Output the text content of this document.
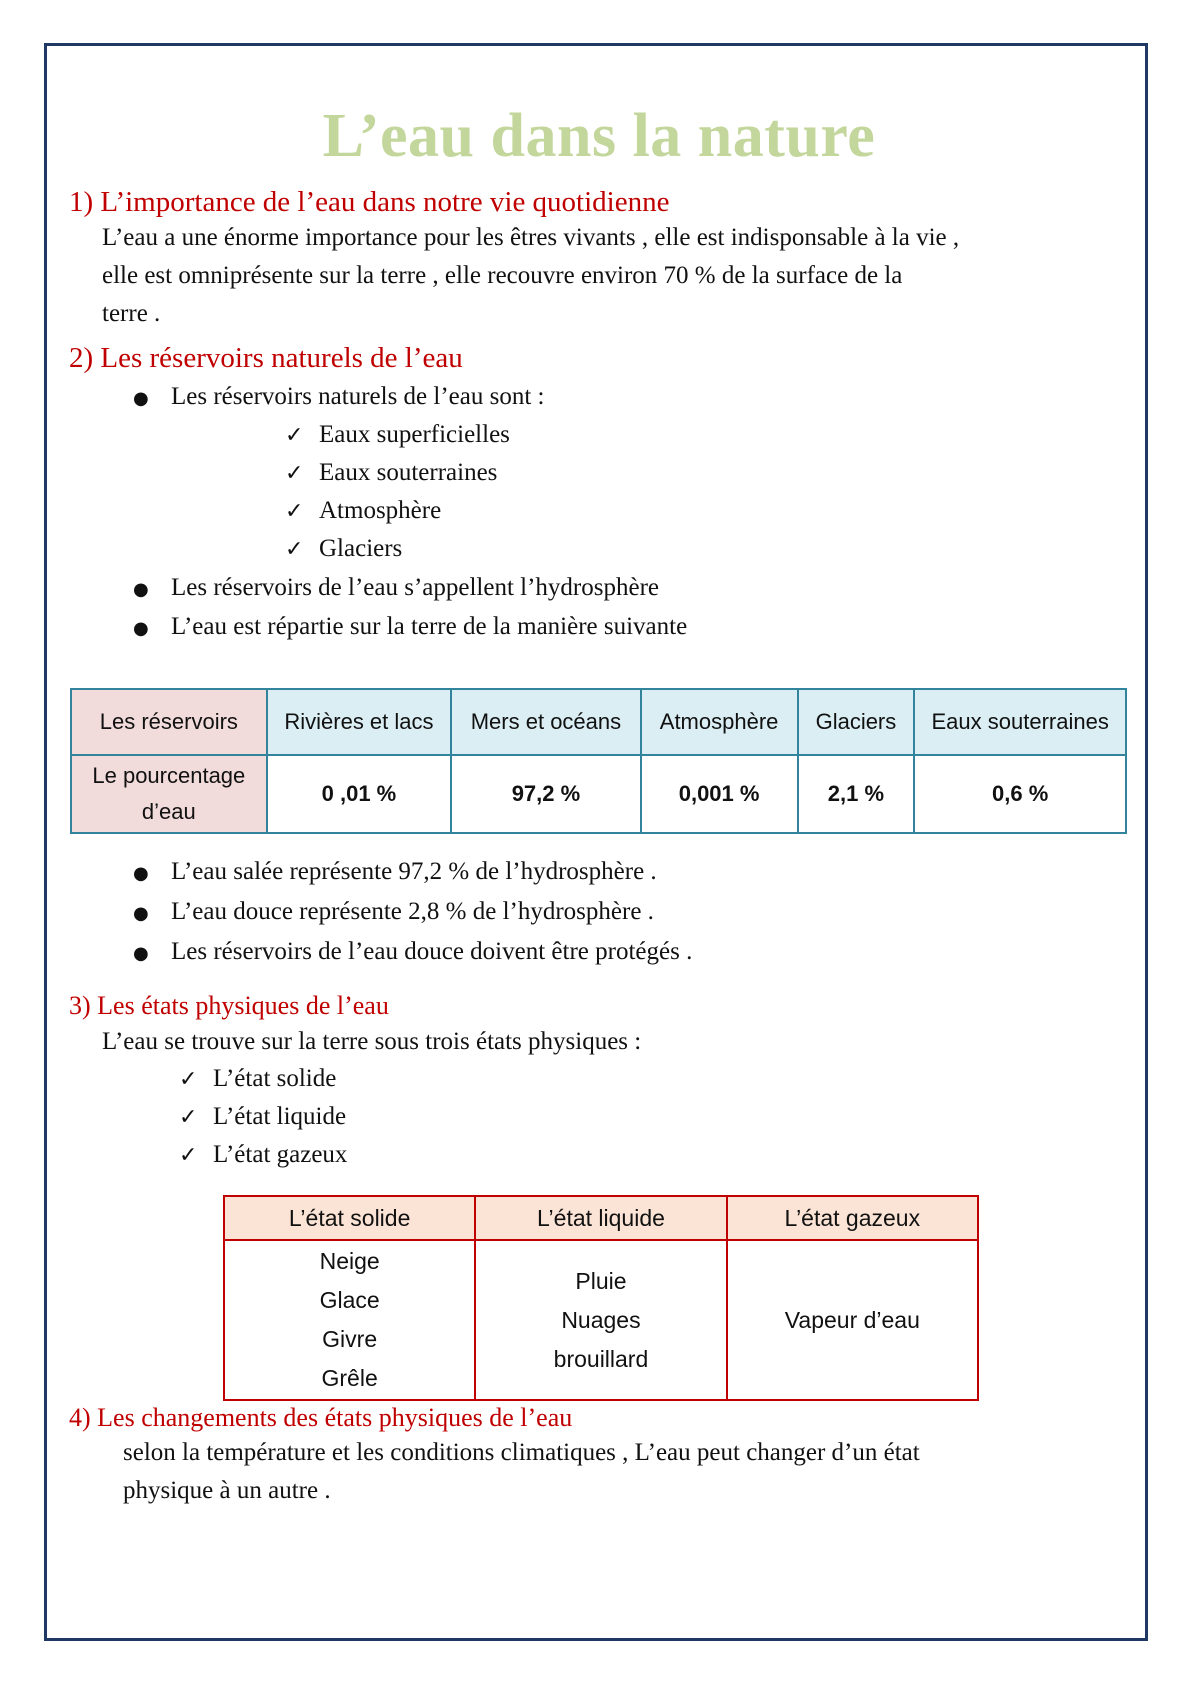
L’eau dans la nature
1) L’importance de l’eau dans notre vie quotidienne
L’eau a une énorme importance pour les êtres vivants , elle est indisponsable à la vie ,
elle est omniprésente sur la terre , elle recouvre environ 70 % de la surface de la
terre .
2) Les réservoirs naturels de l’eau
● Les réservoirs naturels de l’eau sont :
✓ Eaux superficielles
✓ Eaux souterraines
✓ Atmosphère
✓ Glaciers
● Les réservoirs de l’eau s’appellent l’hydrosphère
● L’eau est répartie sur la terre de la manière suivante
Les réservoirs	Rivières et lacs	Mers et océans	Atmosphère	Glaciers	Eaux souterraines
Le pourcentage
d’eau	0 ,01 %	97,2 %	0,001 %	2,1 %	0,6 %
● L’eau salée représente 97,2 % de l’hydrosphère .
● L’eau douce représente 2,8 % de l’hydrosphère .
● Les réservoirs de l’eau douce doivent être protégés .
3) Les états physiques de l’eau
L’eau se trouve sur la terre sous trois états physiques :
✓ L’état solide
✓ L’état liquide
✓ L’état gazeux
L’état solide	L’état liquide	L’état gazeux
Neige
Glace
Givre
Grêle	Pluie
Nuages
brouillard	Vapeur d’eau
4) Les changements des états physiques de l’eau
selon la température et les conditions climatiques , L’eau peut changer d’un état
physique à un autre .
